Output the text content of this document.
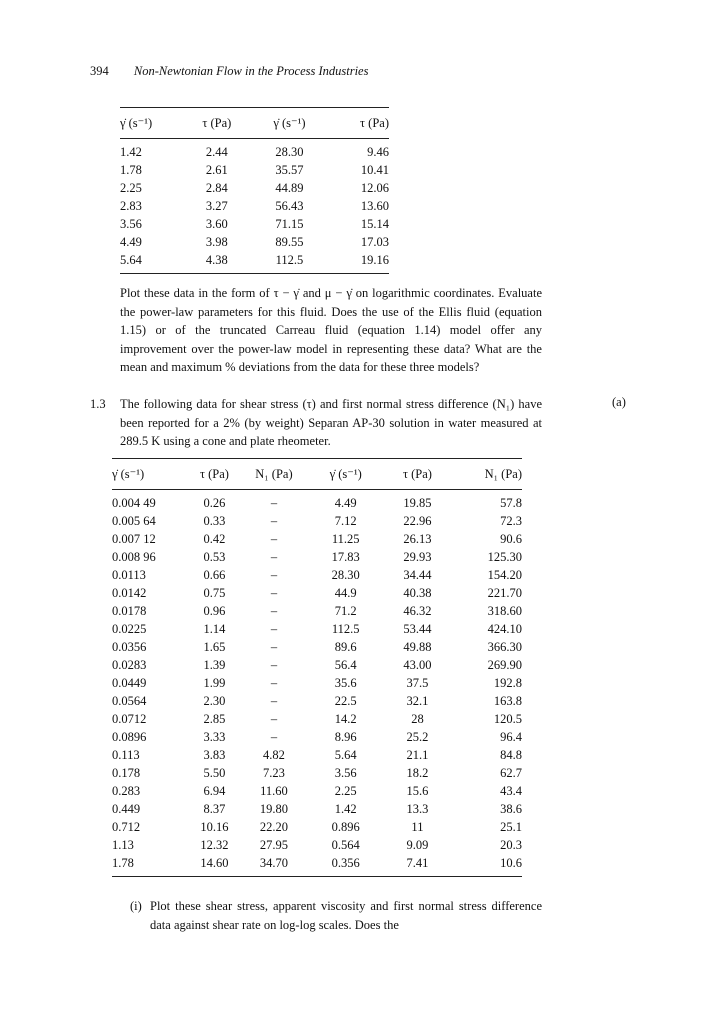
394 Non-Newtonian Flow in the Process Industries
γ̇ (s⁻¹)	τ (Pa)	γ̇ (s⁻¹)	τ (Pa)
1.42	2.44	28.30	9.46
1.78	2.61	35.57	10.41
2.25	2.84	44.89	12.06
2.83	3.27	56.43	13.60
3.56	3.60	71.15	15.14
4.49	3.98	89.55	17.03
5.64	4.38	112.5	19.16
Plot these data in the form of τ − γ̇ and μ − γ̇ on logarithmic coordinates. Evaluate the power-law parameters for this fluid. Does the use of the Ellis fluid (equation 1.15) or of the truncated Carreau fluid (equation 1.14) model offer any improvement over the power-law model in representing these data? What are the mean and maximum % deviations from the data for these three models?
1.3 The following data for shear stress (τ) and first normal stress difference (N₁) have been reported for a 2% (by weight) Separan AP-30 solution in water measured at 289.5 K using a cone and plate rheometer.
(a)
γ̇ (s⁻¹)	τ (Pa)	N₁ (Pa)	γ̇ (s⁻¹)	τ (Pa)	N₁ (Pa)
0.004 49	0.26	–	4.49	19.85	57.8
0.005 64	0.33	–	7.12	22.96	72.3
0.007 12	0.42	–	11.25	26.13	90.6
0.008 96	0.53	–	17.83	29.93	125.30
0.0113	0.66	–	28.30	34.44	154.20
0.0142	0.75	–	44.9	40.38	221.70
0.0178	0.96	–	71.2	46.32	318.60
0.0225	1.14	–	112.5	53.44	424.10
0.0356	1.65	–	89.6	49.88	366.30
0.0283	1.39	–	56.4	43.00	269.90
0.0449	1.99	–	35.6	37.5	192.8
0.0564	2.30	–	22.5	32.1	163.8
0.0712	2.85	–	14.2	28	120.5
0.0896	3.33	–	8.96	25.2	96.4
0.113	3.83	4.82	5.64	21.1	84.8
0.178	5.50	7.23	3.56	18.2	62.7
0.283	6.94	11.60	2.25	15.6	43.4
0.449	8.37	19.80	1.42	13.3	38.6
0.712	10.16	22.20	0.896	11	25.1
1.13	12.32	27.95	0.564	9.09	20.3
1.78	14.60	34.70	0.356	7.41	10.6
(i) Plot these shear stress, apparent viscosity and first normal stress difference data against shear rate on log-log scales. Does the
